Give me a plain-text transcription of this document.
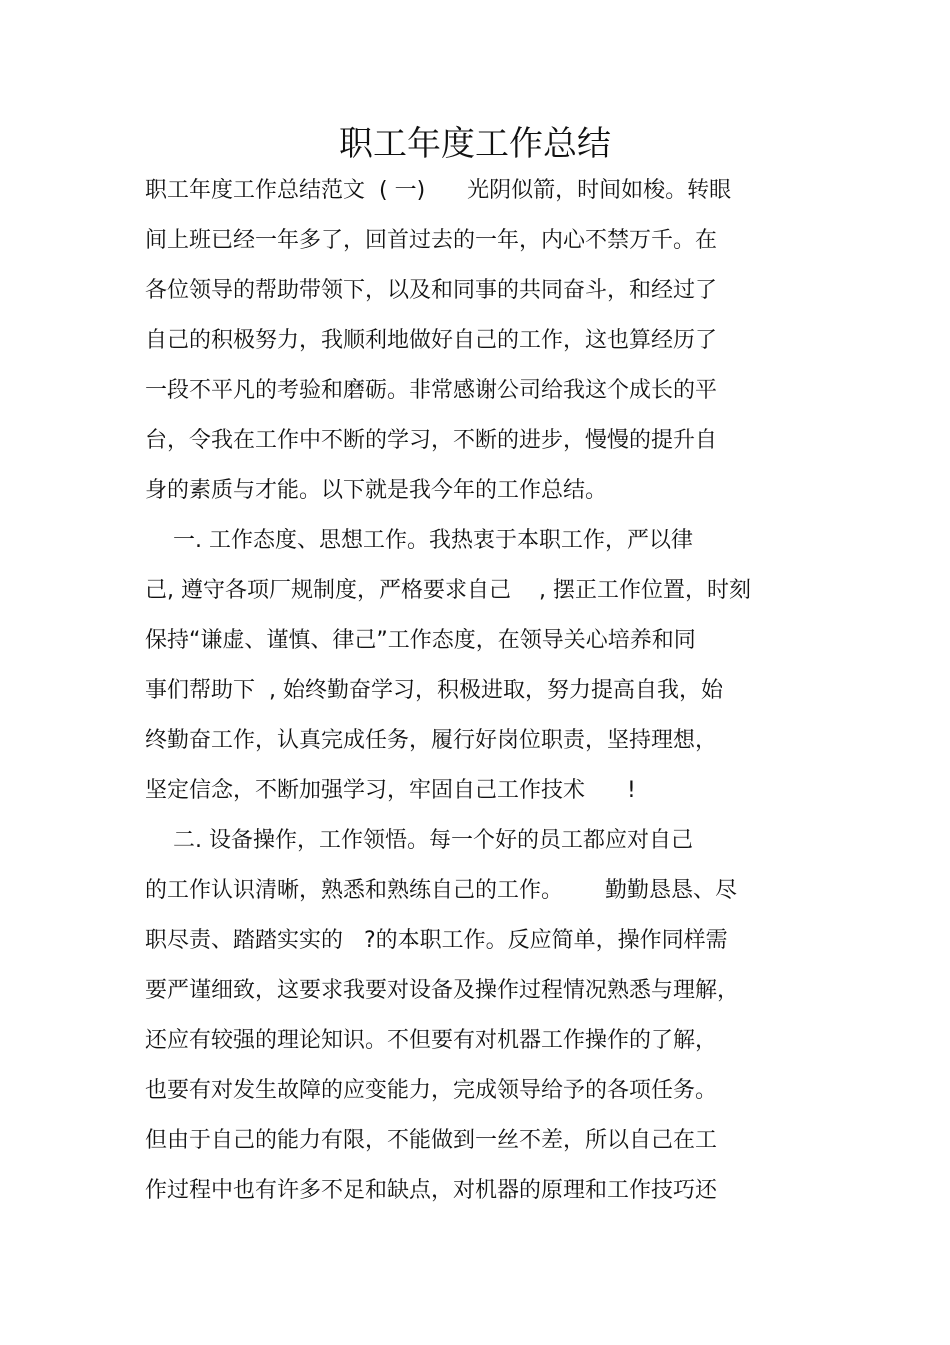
职工年度工作总结
职工年度工作总结范文  ( 一)      光阴似箭，时间如梭。转眼
间上班已经一年多了，回首过去的一年，内心不禁万千。在
各位领导的帮助带领下，以及和同事的共同奋斗，和经过了
自己的积极努力，我顺利地做好自己的工作，这也算经历了
一段不平凡的考验和磨砺。非常感谢公司给我这个成长的平
台，令我在工作中不断的学习，不断的进步，慢慢的提升自
身的素质与才能。以下就是我今年的工作总结。
一. 工作态度、思想工作。我热衷于本职工作，严以律
己, 遵守各项厂规制度，严格要求自己    , 摆正工作位置，时刻
保持“谦虚、谨慎、律己”工作态度，在领导关心培养和同
事们帮助下  , 始终勤奋学习，积极进取，努力提高自我，始
终勤奋工作，认真完成任务，履行好岗位职责，坚持理想，
坚定信念，不断加强学习，牢固自己工作技术      !
二. 设备操作，工作领悟。每一个好的员工都应对自己
的工作认识清晰，熟悉和熟练自己的工作。      勤勤恳恳、尽
职尽责、踏踏实实的   ?的本职工作。反应简单，操作同样需
要严谨细致，这要求我要对设备及操作过程情况熟悉与理解，
还应有较强的理论知识。不但要有对机器工作操作的了解，
也要有对发生故障的应变能力，完成领导给予的各项任务。
但由于自己的能力有限，不能做到一丝不差，所以自己在工
作过程中也有许多不足和缺点，对机器的原理和工作技巧还
